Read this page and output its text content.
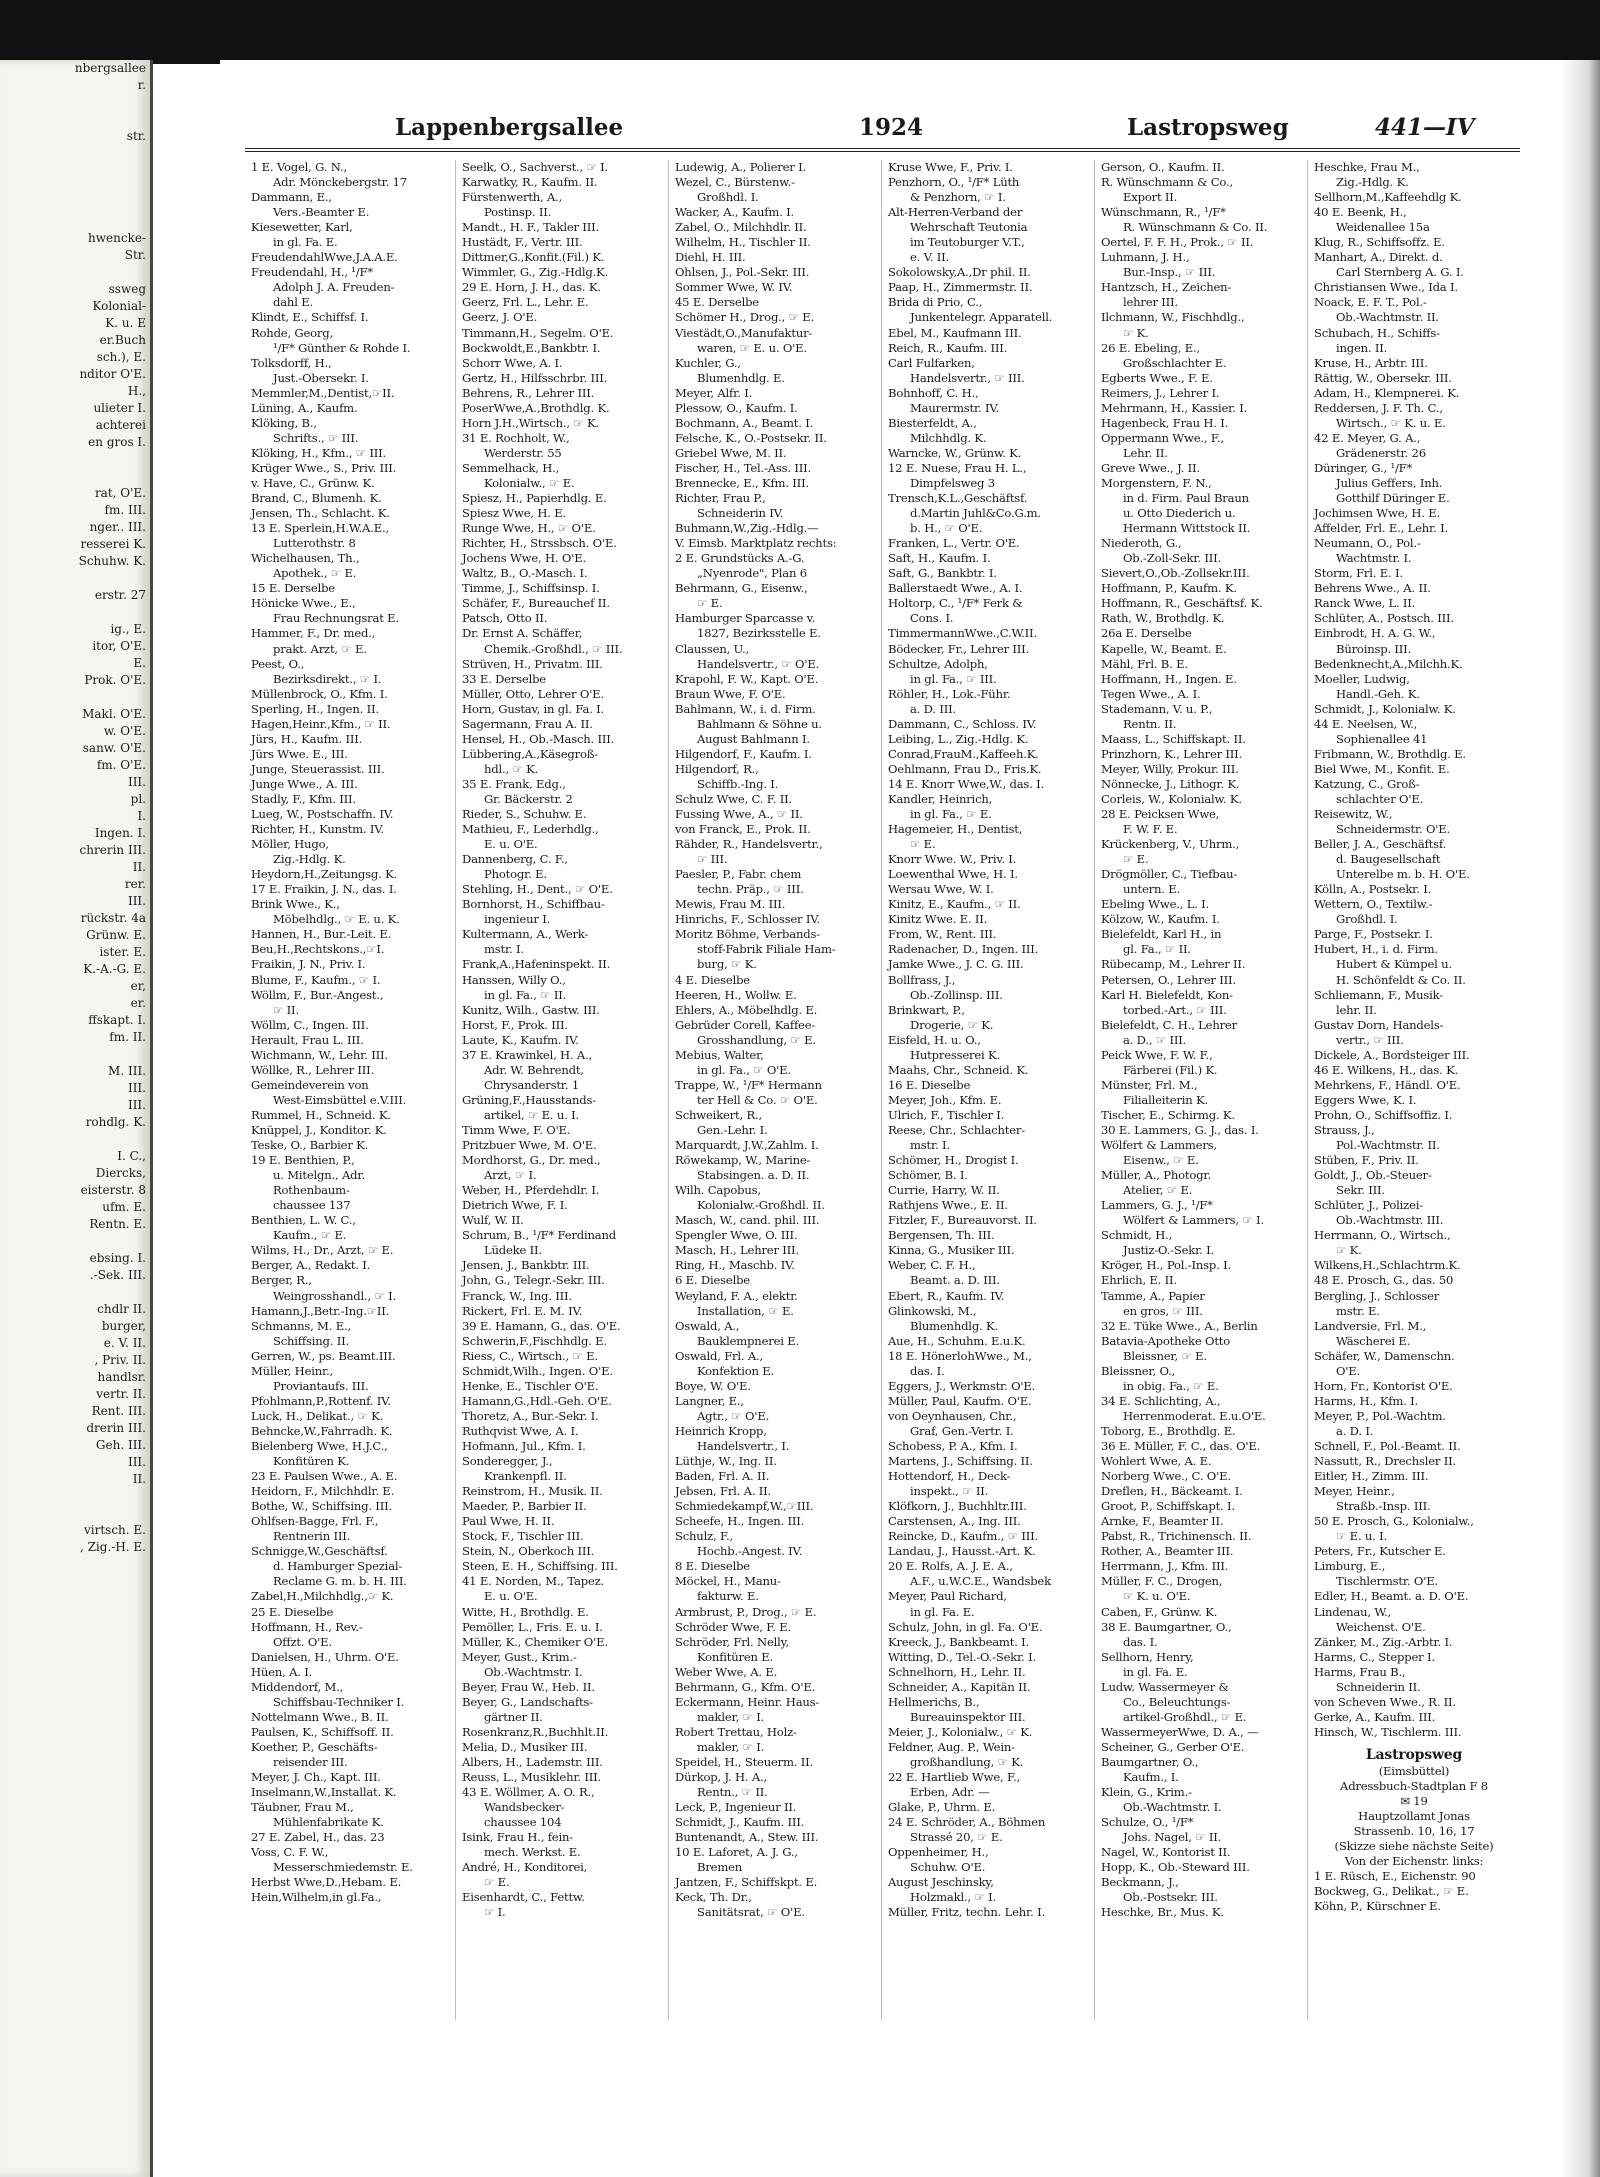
nbergsallee
r.

str.

hwencke-
Str.

ssweg
Kolonial-
K. u. E
er.Buch
sch.), E.
nditor O'E.
H.,
ulieter I.
achterei
en gros I.

rat, O'E.
fm. III.
nger.. III.
resserei K.
Schuhw. K.

erstr. 27

ig., E.
itor, O'E.
E.
Prok. O'E.

Makl. O'E.
w. O'E.
sanw. O'E.
fm. O'E.
III.
pl.
I.
Ingen. I.
chrerin III.
II.
rer.
III.
rückstr. 4a
Grünw. E.
ister. E.
K.-A.-G. E.
er,
er.
ffskapt. I.
fm. II.

M. III.
III.
III.
rohdlg. K.

I. C.,
Diercks,
eisterstr. 8
ufm. E.
Rentn. E.

ebsing. I.
.-Sek. III.

chdlr II.
burger,
e. V. II.
, Priv. II.
handlsr.
vertr. II.
Rent. III.
drerin III.
Geh. III.
III.
II.

virtsch. E.
, Zig.-H. E.
Lappenbergsallee	1924	Lastropsweg	441—IV
1 E. Vogel, G. N.,
Adr. Mönckebergstr. 17
Dammann, E.,
Vers.-Beamter E.
Kiesewetter, Karl,
in gl. Fa. E.
FreudendahlWwe,J.A.A.E.
Freudendahl, H., ¹/F*
Adolph J. A. Freuden-
dahl E.
Klindt, E., Schiffsf. I.
Rohde, Georg,
¹/F* Günther & Rohde I.
Tolksdorff, H.,
Just.-Obersekr. I.
Memmler,M.,Dentist,☞II.
Lüning, A., Kaufm.
Klöking, B.,
Schrifts., ☞ III.
Klöking, H., Kfm., ☞ III.
Krüger Wwe., S., Priv. III.
v. Have, C., Grünw. K.
Brand, C., Blumenh. K.
Jensen, Th., Schlacht. K.
13 E. Sperlein,H.W.A.E.,
Lutterothstr. 8
Wichelhausen, Th.,
Apothek., ☞ E.
15 E. Derselbe
Hönicke Wwe., E.,
Frau Rechnungsrat E.
Hammer, F., Dr. med.,
prakt. Arzt, ☞ E.
Peest, O.,
Bezirksdirekt., ☞ I.
Müllenbrock, O., Kfm. I.
Sperling, H., Ingen. II.
Hagen,Heinr.,Kfm., ☞ II.
Jürs, H., Kaufm. III.
Jürs Wwe. E., III.
Junge, Steuerassist. III.
Junge Wwe., A. III.
Stadly, F., Kfm. III.
Lueg, W., Postschaffn. IV.
Richter, H., Kunstm. IV.
Möller, Hugo,
Zig.-Hdlg. K.
Heydorn,H.,Zeitungsg. K.
17 E. Fraikin, J. N., das. I.
Brink Wwe., K.,
Möbelhdlg., ☞ E. u. K.
Hannen, H., Bur.-Leit. E.
Beu,H.,Rechtskons.,☞I.
Fraikin, J. N., Priv. I.
Blume, F., Kaufm., ☞ I.
Wöllm, F., Bur.-Angest.,
☞ II.
Wöllm, C., Ingen. III.
Herault, Frau L. III.
Wichmann, W., Lehr. III.
Wöllke, R., Lehrer III.
Gemeindeverein von
West-Eimsbüttel e.V.III.
Rummel, H., Schneid. K.
Knüppel, J., Konditor. K.
Teske, O., Barbier K.
19 E. Benthien, P.,
u. Mitelgn., Adr.
Rothenbaum-
chaussee 137
Benthien, L. W. C.,
Kaufm., ☞ E.
Wilms, H., Dr., Arzt, ☞ E.
Berger, A., Redakt. I.
Berger, R.,
Weingrosshandl., ☞ I.
Hamann,J.,Betr.-Ing.☞II.
Schmanns, M. E.,
Schiffsing. II.
Gerren, W., ps. Beamt.III.
Müller, Heinr.,
Proviantaufs. III.
Pfohlmann,P.,Rottenf. IV.
Luck, H., Delikat., ☞ K.
Behncke,W.,Fahrradh. K.
Bielenberg Wwe, H.J.C.,
Konfitüren K.
23 E. Paulsen Wwe., A. E.
Heidorn, F., Milchhdlr. E.
Bothe, W., Schiffsing. III.
Ohlfsen-Bagge, Frl. F.,
Rentnerin III.
Schnigge,W.,Geschäftsf.
d. Hamburger Spezial-
Reclame G. m. b. H. III.
Zabel,H.,Milchhdlg.,☞ K.
25 E. Dieselbe
Hoffmann, H., Rev.-
Offzt. O'E.
Danielsen, H., Uhrm. O'E.
Hüen, A. I.
Middendorf, M.,
Schiffsbau-Techniker I.
Nottelmann Wwe., B. II.
Paulsen, K., Schiffsoff. II.
Koether, P., Geschäfts-
reisender III.
Meyer, J. Ch., Kapt. III.
Inselmann,W.,Installat. K.
Täubner, Frau M.,
Mühlenfabrikate K.
27 E. Zabel, H., das. 23
Voss, C. F. W.,
Messerschmiedemstr. E.
Herbst Wwe,D.,Hebam. E.
Hein,Wilhelm,in gl.Fa.,
Seelk, O., Sachverst., ☞ I.
Karwatky, R., Kaufm. II.
Fürstenwerth, A.,
Postinsp. II.
Mandt., H. F., Takler III.
Hustädt, F., Vertr. III.
Dittmer,G.,Konfit.(Fil.) K.
Wimmler, G., Zig.-Hdlg.K.
29 E. Horn, J. H., das. K.
Geerz, Frl. L., Lehr. E.
Geerz, J. O'E.
Timmann,H., Segelm. O'E.
Bockwoldt,E.,Bankbtr. I.
Schorr Wwe, A. I.
Gertz, H., Hilfsschrbr. III.
Behrens, R., Lehrer III.
PoserWwe,A.,Brothdlg. K.
Horn J.H.,Wirtsch., ☞ K.
31 E. Rochholt, W.,
Werderstr. 55
Semmelhack, H.,
Kolonialw., ☞ E.
Spiesz, H., Papierhdlg. E.
Spiesz Wwe, H. E.
Runge Wwe, H., ☞ O'E.
Richter, H., Strssbsch. O'E.
Jochens Wwe, H. O'E.
Waltz, B., O.-Masch. I.
Timme, J., Schiffsinsp. I.
Schäfer, F., Bureauchef II.
Patsch, Otto II.
Dr. Ernst A. Schäffer,
Chemik.-Großhdl., ☞ III.
Strüven, H., Privatm. III.
33 E. Derselbe
Müller, Otto, Lehrer O'E.
Horn, Gustav, in gl. Fa. I.
Sagermann, Frau A. II.
Hensel, H., Ob.-Masch. III.
Lübbering,A.,Käsegroß-
hdl., ☞ K.
35 E. Frank, Edg.,
Gr. Bäckerstr. 2
Rieder, S., Schuhw. E.
Mathieu, F., Lederhdlg.,
E. u. O'E.
Dannenberg, C. F.,
Photogr. E.
Stehling, H., Dent., ☞ O'E.
Bornhorst, H., Schiffbau-
ingenieur I.
Kultermann, A., Werk-
mstr. I.
Frank,A.,Hafeninspekt. II.
Hanssen, Willy O.,
in gl. Fa., ☞ II.
Kunitz, Wilh., Gastw. III.
Horst, F., Prok. III.
Laute, K., Kaufm. IV.
37 E. Krawinkel, H. A.,
Adr. W. Behrendt,
Chrysanderstr. 1
Grüning,F.,Hausstands-
artikel, ☞ E. u. I.
Timm Wwe, F. O'E.
Pritzbuer Wwe, M. O'E.
Mordhorst, G., Dr. med.,
Arzt, ☞ I.
Weber, H., Pferdehdlr. I.
Dietrich Wwe, F. I.
Wulf, W. II.
Schrum, B., ¹/F* Ferdinand
Lüdeke II.
Jensen, J., Bankbtr. III.
John, G., Telegr.-Sekr. III.
Franck, W., Ing. III.
Rickert, Frl. E. M. IV.
39 E. Hamann, G., das. O'E.
Schwerin,F.,Fischhdlg. E.
Riess, C., Wirtsch., ☞ E.
Schmidt,Wilh., Ingen. O'E.
Henke, E., Tischler O'E.
Hamann,G.,Hdl.-Geh. O'E.
Thoretz, A., Bur.-Sekr. I.
Ruthqvist Wwe, A. I.
Hofmann, Jul., Kfm. I.
Sonderegger, J.,
Krankenpfl. II.
Reinstrom, H., Musik. II.
Maeder, P., Barbier II.
Paul Wwe, H. II.
Stock, F., Tischler III.
Stein, N., Oberkoch III.
Steen, E. H., Schiffsing. III.
41 E. Norden, M., Tapez.
E. u. O'E.
Witte, H., Brothdlg. E.
Pemöller, L., Fris. E. u. I.
Müller, K., Chemiker O'E.
Meyer, Gust., Krim.-
Ob.-Wachtmstr. I.
Beyer, Frau W., Heb. II.
Beyer, G., Landschafts-
gärtner II.
Rosenkranz,R.,Buchhlt.II.
Melia, D., Musiker III.
Albers, H., Lademstr. III.
Reuss, L., Musiklehr. III.
43 E. Wöllmer, A. O. R.,
Wandsbecker-
chaussee 104
Isink, Frau H., fein-
mech. Werkst. E.
André, H., Konditorei,
☞ E.
Eisenhardt, C., Fettw.
☞ I.
Ludewig, A., Polierer I.
Wezel, C., Bürstenw.-
Großhdl. I.
Wacker, A., Kaufm. I.
Zabel, O., Milchhdlr. II.
Wilhelm, H., Tischler II.
Diehl, H. III.
Ohlsen, J., Pol.-Sekr. III.
Sommer Wwe, W. IV.
45 E. Derselbe
Schömer H., Drog., ☞ E.
Viestädt,O.,Manufaktur-
waren, ☞ E. u. O'E.
Kuchler, G.,
Blumenhdlg. E.
Meyer, Alfr. I.
Plessow, O., Kaufm. I.
Bochmann, A., Beamt. I.
Felsche, K., O.-Postsekr. II.
Griebel Wwe, M. II.
Fischer, H., Tel.-Ass. III.
Brennecke, E., Kfm. III.
Richter, Frau P.,
Schneiderin IV.
Buhmann,W.,Zig.-Hdlg.—
V. Eimsb. Marktplatz rechts:
2 E. Grundstücks A.-G.
„Nyenrode", Plan 6
Behrmann, G., Eisenw.,
☞ E.
Hamburger Sparcasse v.
1827, Bezirksstelle E.
Claussen, U.,
Handelsvertr., ☞ O'E.
Krapohl, F. W., Kapt. O'E.
Braun Wwe, F. O'E.
Bahlmann, W., i. d. Firm.
Bahlmann & Söhne u.
August Bahlmann I.
Hilgendorf, F., Kaufm. I.
Hilgendorf, R.,
Schiffb.-Ing. I.
Schulz Wwe, C. F. II.
Fussing Wwe, A., ☞ II.
von Franck, E., Prok. II.
Rähder, R., Handelsvertr.,
☞ III.
Paesler, P., Fabr. chem
techn. Präp., ☞ III.
Mewis, Frau M. III.
Hinrichs, F., Schlosser IV.
Moritz Böhme, Verbands-
stoff-Fabrik Filiale Ham-
burg, ☞ K.
4 E. Dieselbe
Heeren, H., Wollw. E.
Ehlers, A., Möbelhdlg. E.
Gebrüder Corell, Kaffee-
Grosshandlung, ☞ E.
Mebius, Walter,
in gl. Fa., ☞ O'E.
Trappe, W., ¹/F* Hermann
ter Hell & Co. ☞ O'E.
Schweikert, R.,
Gen.-Lehr. I.
Marquardt, J.W.,Zahlm. I.
Röwekamp, W., Marine-
Stabsingen. a. D. II.
Wilh. Capobus,
Kolonialw.-Großhdl. II.
Masch, W., cand. phil. III.
Spengler Wwe, O. III.
Masch, H., Lehrer III.
Ring, H., Maschb. IV.
6 E. Dieselbe
Weyland, F. A., elektr.
Installation, ☞ E.
Oswald, A.,
Bauklempnerei E.
Oswald, Frl. A.,
Konfektion E.
Boye, W. O'E.
Langner, E.,
Agtr., ☞ O'E.
Heinrich Kropp,
Handelsvertr., I.
Lüthje, W., Ing. II.
Baden, Frl. A. II.
Jebsen, Frl. A. II.
Schmiedekampf,W.,☞III.
Scheefe, H., Ingen. III.
Schulz, F.,
Hochb.-Angest. IV.
8 E. Dieselbe
Möckel, H., Manu-
fakturw. E.
Armbrust, P., Drog., ☞ E.
Schröder Wwe, F. E.
Schröder, Frl. Nelly,
Konfitüren E.
Weber Wwe, A. E.
Behrmann, G., Kfm. O'E.
Eckermann, Heinr. Haus-
makler, ☞ I.
Robert Trettau, Holz-
makler, ☞ I.
Speidel, H., Steuerm. II.
Dürkop, J. H. A.,
Rentn., ☞ II.
Leck, P., Ingenieur II.
Schmidt, J., Kaufm. III.
Buntenandt, A., Stew. III.
10 E. Laforet, A. J. G.,
Bremen
Jantzen, F., Schiffskpt. E.
Keck, Th. Dr.,
Sanitätsrat, ☞ O'E.
Kruse Wwe, F., Priv. I.
Penzhorn, O., ¹/F* Lüth
& Penzhorn, ☞ I.
Alt-Herren-Verband der
Wehrschaft Teutonia
im Teutoburger V.T.,
e. V. II.
Sokolowsky,A.,Dr phil. II.
Paap, H., Zimmermstr. II.
Brida di Prio, C.,
Junkentelegr. Apparatell.
Ebel, M., Kaufmann III.
Reich, R., Kaufm. III.
Carl Fulfarken,
Handelsvertr., ☞ III.
Bohnhoff, C. H.,
Maurermstr. IV.
Biesterfeldt, A.,
Milchhdlg. K.
Warncke, W., Grünw. K.
12 E. Nuese, Frau H. L.,
Dimpfelsweg 3
Trensch,K.L.,Geschäftsf.
d.Martin Juhl&Co.G.m.
b. H., ☞ O'E.
Franken, L., Vertr. O'E.
Saft, H., Kaufm. I.
Saft, G., Bankbtr. I.
Ballerstaedt Wwe., A. I.
Holtorp, C., ¹/F* Ferk &
Cons. I.
TimmermannWwe.,C.W.II.
Bödecker, Fr., Lehrer III.
Schultze, Adolph,
in gl. Fa., ☞ III.
Röhler, H., Lok.-Führ.
a. D. III.
Dammann, C., Schloss. IV.
Leibing, L., Zig.-Hdlg. K.
Conrad,FrauM.,Kaffeeh.K.
Oehlmann, Frau D., Fris.K.
14 E. Knorr Wwe,W., das. I.
Kandler, Heinrich,
in gl. Fa., ☞ E.
Hagemeier, H., Dentist,
☞ E.
Knorr Wwe. W., Priv. I.
Loewenthal Wwe, H. I.
Wersau Wwe, W. I.
Kinitz, E., Kaufm., ☞ II.
Kinitz Wwe. E. II.
From, W., Rent. III.
Radenacher, D., Ingen. III.
Jamke Wwe., J. C. G. III.
Bollfrass, J.,
Ob.-Zollinsp. III.
Brinkwart, P.,
Drogerie, ☞ K.
Eisfeld, H. u. O.,
Hutpresserei K.
Maahs, Chr., Schneid. K.
16 E. Dieselbe
Meyer, Joh., Kfm. E.
Ulrich, F., Tischler I.
Reese, Chr., Schlachter-
mstr. I.
Schömer, H., Drogist I.
Schömer, B. I.
Currie, Harry, W. II.
Rathjens Wwe., E. II.
Fitzler, F., Bureauvorst. II.
Bergensen, Th. III.
Kinna, G., Musiker III.
Weber, C. F. H.,
Beamt. a. D. III.
Ebert, R., Kaufm. IV.
Glinkowski, M.,
Blumenhdlg. K.
Aue, H., Schuhm. E.u.K.
18 E. HönerlohWwe., M.,
das. I.
Eggers, J., Werkmstr. O'E.
Müller, Paul, Kaufm. O'E.
von Oeynhausen, Chr.,
Graf, Gen.-Vertr. I.
Schobess, P. A., Kfm. I.
Martens, J., Schiffsing. II.
Hottendorf, H., Deck-
inspekt., ☞ II.
Klöfkorn, J., Buchhltr.III.
Carstensen, A., Ing. III.
Reincke, D., Kaufm., ☞ III.
Landau, J., Hausst.-Art. K.
20 E. Rolfs, A. J. E. A.,
A.F., u.W.C.E., Wandsbek
Meyer, Paul Richard,
in gl. Fa. E.
Schulz, John, in gl. Fa. O'E.
Kreeck, J., Bankbeamt. I.
Witting, D., Tel.-O.-Sekr. I.
Schnelhorn, H., Lehr. II.
Schneider, A., Kapitän II.
Hellmerichs, B.,
Bureauinspektor III.
Meier, J., Kolonialw., ☞ K.
Feldner, Aug. P., Wein-
großhandlung, ☞ K.
22 E. Hartlieb Wwe, F.,
Erben, Adr. —
Glake, P., Uhrm. E.
24 E. Schröder, A., Böhmen
Strassé 20, ☞ E.
Oppenheimer, H.,
Schuhw. O'E.
August Jeschinsky,
Holzmakl., ☞ I.
Müller, Fritz, techn. Lehr. I.
Gerson, O., Kaufm. II.
R. Wünschmann & Co.,
Export II.
Wünschmann, R., ¹/F*
R. Wünschmann & Co. II.
Oertel, F. F. H., Prok., ☞ II.
Luhmann, J. H.,
Bur.-Insp., ☞ III.
Hantzsch, H., Zeichen-
lehrer III.
Ilchmann, W., Fischhdlg.,
☞ K.
26 E. Ebeling, E.,
Großschlachter E.
Egberts Wwe., F. E.
Reimers, J., Lehrer I.
Mehrmann, H., Kassier. I.
Hagenbeck, Frau H. I.
Oppermann Wwe., F.,
Lehr. II.
Greve Wwe., J. II.
Morgenstern, F. N.,
in d. Firm. Paul Braun
u. Otto Diederich u.
Hermann Wittstock II.
Niederoth, G.,
Ob.-Zoll-Sekr. III.
Sievert,O.,Ob.-Zollsekr.III.
Hoffmann, P., Kaufm. K.
Hoffmann, R., Geschäftsf. K.
Rath, W., Brothdlg. K.
26a E. Derselbe
Kapelle, W., Beamt. E.
Mähl, Frl. B. E.
Hoffmann, H., Ingen. E.
Tegen Wwe., A. I.
Stademann, V. u. P.,
Rentn. II.
Maass, L., Schiffskapt. II.
Prinzhorn, K., Lehrer III.
Meyer, Willy, Prokur. III.
Nönnecke, J., Lithogr. K.
Corleis, W., Kolonialw. K.
28 E. Peicksen Wwe,
F. W. F. E.
Krückenberg, V., Uhrm.,
☞ E.
Drögmöller, C., Tiefbau-
untern. E.
Ebeling Wwe., L. I.
Kölzow, W., Kaufm. I.
Bielefeldt, Karl H., in
gl. Fa., ☞ II.
Rübecamp, M., Lehrer II.
Petersen, O., Lehrer III.
Karl H. Bielefeldt, Kon-
torbed.-Art., ☞ III.
Bielefeldt, C. H., Lehrer
a. D., ☞ III.
Peick Wwe, F. W. F.,
Färberei (Fil.) K.
Münster, Frl. M.,
Filialleiterin K.
Tischer, E., Schirmg. K.
30 E. Lammers, G. J., das. I.
Wölfert & Lammers,
Eisenw., ☞ E.
Müller, A., Photogr.
Atelier, ☞ E.
Lammers, G. J., ¹/F*
Wölfert & Lammers, ☞ I.
Schmidt, H.,
Justiz-O.-Sekr. I.
Kröger, H., Pol.-Insp. I.
Ehrlich, E. II.
Tamme, A., Papier
en gros, ☞ III.
32 E. Tüke Wwe., A., Berlin
Batavia-Apotheke Otto
Bleissner, ☞ E.
Bleissner, O.,
in obig. Fa., ☞ E.
34 E. Schlichting, A.,
Herrenmoderat. E.u.O'E.
Toborg, E., Brothdlg. E.
36 E. Müller, F. C., das. O'E.
Wohlert Wwe, A. E.
Norberg Wwe., C. O'E.
Dreflen, H., Bäckeamt. I.
Groot, P., Schiffskapt. I.
Arnke, F., Beamter II.
Pabst, R., Trichinensch. II.
Rother, A., Beamter III.
Herrmann, J., Kfm. III.
Müller, F. C., Drogen,
☞ K. u. O'E.
Caben, F., Grünw. K.
38 E. Baumgartner, O.,
das. I.
Sellhorn, Henry,
in gl. Fa. E.
Ludw. Wassermeyer &
Co., Beleuchtungs-
artikel-Großhdl., ☞ E.
WassermeyerWwe, D. A., —
Scheiner, G., Gerber O'E.
Baumgartner, O.,
Kaufm., I.
Klein, G., Krim.-
Ob.-Wachtmstr. I.
Schulze, O., ¹/F*
Johs. Nagel, ☞ II.
Nagel, W., Kontorist II.
Hopp, K., Ob.-Steward III.
Beckmann, J.,
Ob.-Postsekr. III.
Heschke, Br., Mus. K.
Heschke, Frau M.,
Zig.-Hdlg. K.
Sellhorn,M.,Kaffeehdlg K.
40 E. Beenk, H.,
Weidenallee 15a
Klug, R., Schiffsoffz. E.
Manhart, A., Direkt. d.
Carl Sternberg A. G. I.
Christiansen Wwe., Ida I.
Noack, E. F. T., Pol.-
Ob.-Wachtmstr. II.
Schubach, H., Schiffs-
ingen. II.
Kruse, H., Arbtr. III.
Rättig, W., Obersekr. III.
Adam, H., Klempnerei. K.
Reddersen, J. F. Th. C.,
Wirtsch., ☞ K. u. E.
42 E. Meyer, G. A.,
Grädenerstr. 26
Düringer, G., ¹/F*
Julius Geffers, Inh.
Gotthilf Düringer E.
Jochimsen Wwe, H. E.
Affelder, Frl. E., Lehr. I.
Neumann, O., Pol.-
Wachtmstr. I.
Storm, Frl. E. I.
Behrens Wwe., A. II.
Ranck Wwe, L. II.
Schlüter, A., Postsch. III.
Einbrodt, H. A. G. W.,
Büroinsp. III.
Bedenknecht,A.,Milchh.K.
Moeller, Ludwig,
Handl.-Geh. K.
Schmidt, J., Kolonialw. K.
44 E. Neelsen, W.,
Sophienallee 41
Fribmann, W., Brothdlg. E.
Biel Wwe, M., Konfit. E.
Katzung, C., Groß-
schlachter O'E.
Reisewitz, W.,
Schneidermstr. O'E.
Beller, J. A., Geschäftsf.
d. Baugesellschaft
Unterelbe m. b. H. O'E.
Kölln, A., Postsekr. I.
Wettern, O., Textilw.-
Großhdl. I.
Parge, F., Postsekr. I.
Hubert, H., i. d. Firm.
Hubert & Kümpel u.
H. Schönfeldt & Co. II.
Schliemann, F., Musik-
lehr. II.
Gustav Dorn, Handels-
vertr., ☞ III.
Dickele, A., Bordsteiger III.
46 E. Wilkens, H., das. K.
Mehrkens, F., Händl. O'E.
Eggers Wwe, K. I.
Prohn, O., Schiffsoffiz. I.
Strauss, J.,
Pol.-Wachtmstr. II.
Stüben, F., Priv. II.
Goldt, J., Ob.-Steuer-
Sekr. III.
Schlüter, J., Polizei-
Ob.-Wachtmstr. III.
Herrmann, O., Wirtsch.,
☞ K.
Wilkens,H.,Schlachtrm.K.
48 E. Prosch, G., das. 50
Bergling, J., Schlosser
mstr. E.
Landversie, Frl. M.,
Wäscherei E.
Schäfer, W., Damenschn.
O'E.
Horn, Fr., Kontorist O'E.
Harms, H., Kfm. I.
Meyer, P., Pol.-Wachtm.
a. D. I.
Schnell, F., Pol.-Beamt. II.
Nassutt, R., Drechsler II.
Eitler, H., Zimm. III.
Meyer, Heinr.,
Straßb.-Insp. III.
50 E. Prosch, G., Kolonialw.,
☞ E. u. I.
Peters, Fr., Kutscher E.
Limburg, E.,
Tischlermstr. O'E.
Edler, H., Beamt. a. D. O'E.
Lindenau, W.,
Weichenst. O'E.
Zänker, M., Zig.-Arbtr. I.
Harms, C., Stepper I.
Harms, Frau B.,
Schneiderin II.
von Scheven Wwe., R. II.
Gerke, A., Kaufm. III.
Hinsch, W., Tischlerm. III.
Lastropsweg
(Eimsbüttel)
Adressbuch-Stadtplan F 8
✉ 19
Hauptzollamt Jonas
Strassenb. 10, 16, 17
(Skizze siehe nächste Seite)
Von der Eichenstr. links:
1 E. Rüsch, E., Eichenstr. 90
Bockweg, G., Delikat., ☞ E.
Köhn, P., Kürschner E.
